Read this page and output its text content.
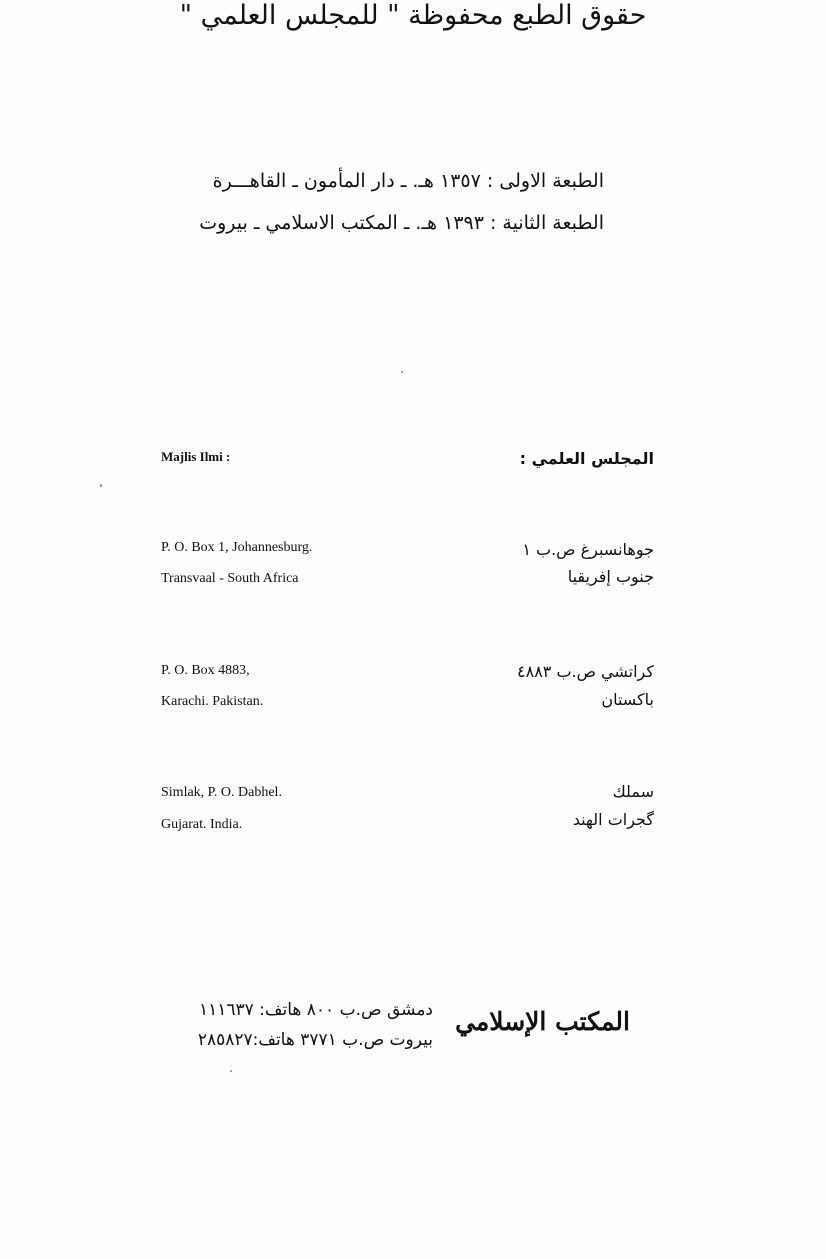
الطبعة الاولى : ١٣٥٧ هـ. ـ دار المأمون ـ القاهـــرة
الطبعة الثانية : ١٣٩٣ هـ. ـ المكتب الاسلامي ـ بيروت
حقوق الطبع محفوظة " للمجلس العلمي "
Majlis Ilmi :	المجلس العلمي :
P. O. Box 1, Johannesburg.
Transvaal - South Africa
جوهانسبرغ ص.ب ١
جنوب إفريقيا
P. O. Box 4883,
Karachi. Pakistan.
كراتشي ص.ب ٤٨٨٣
باكستان
Simlak, P. O. Dabhel.
Gujarat. India.
سملك
گجرات الهند
المكتب الإسلامي
دمشق ص.ب ٨٠٠ هاتف: ١١١٦٣٧
بيروت ص.ب ٣٧٧١ هاتف:٢٨٥٨٢٧
